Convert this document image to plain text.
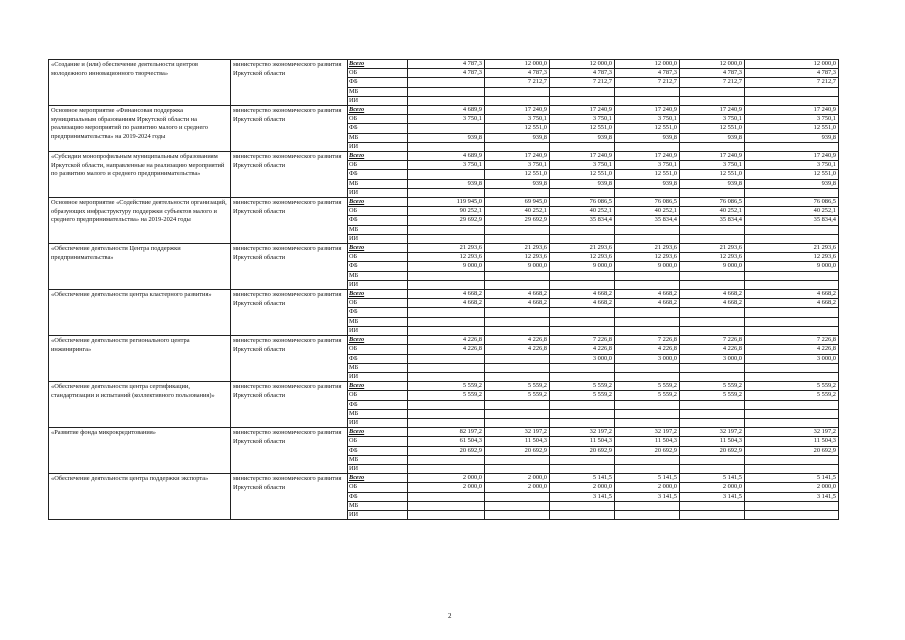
«Создание и (или) обеспечение деятельности центров молодежного инновационного творчества»	министерство экономического развития Иркутской области	Всего	4 787,3	12 000,0	12 000,0	12 000,0	12 000,0	12 000,0
		ОБ	4 787,3	4 787,3	4 787,3	4 787,3	4 787,3	4 787,3
		ФБ		7 212,7	7 212,7	7 212,7	7 212,7	7 212,7
		МБ						
		ИИ						
Основное мероприятие «Финансовая поддержка муниципальным образованиям Иркутской области на реализацию мероприятий по развитию малого и среднего предпринимательства» на 2019-2024 годы	министерство экономического развития Иркутской области	Всего	4 689,9	17 240,9	17 240,9	17 240,9	17 240,9	17 240,9
		ОБ	3 750,1	3 750,1	3 750,1	3 750,1	3 750,1	3 750,1
		ФБ		12 551,0	12 551,0	12 551,0	12 551,0	12 551,0
		МБ	939,8	939,8	939,8	939,8	939,8	939,8
		ИИ						
«Субсидии монопрофильным муниципальным образованиям Иркутской области, направленные на реализацию мероприятий по развитию малого и среднего предпринимательства»	министерство экономического развития Иркутской области	Всего	4 689,9	17 240,9	17 240,9	17 240,9	17 240,9	17 240,9
		ОБ	3 750,1	3 750,1	3 750,1	3 750,1	3 750,1	3 750,1
		ФБ		12 551,0	12 551,0	12 551,0	12 551,0	12 551,0
		МБ	939,8	939,8	939,8	939,8	939,8	939,8
		ИИ						
Основное мероприятие «Содействие деятельности организаций, образующих инфраструктуру поддержки субъектов малого и среднего предпринимательства» на 2019-2024 годы	министерство экономического развития Иркутской области	Всего	119 945,0	69 945,0	76 086,5	76 086,5	76 086,5	76 086,5
		ОБ	90 252,1	40 252,1	40 252,1	40 252,1	40 252,1	40 252,1
		ФБ	29 692,9	29 692,9	35 834,4	35 834,4	35 834,4	35 834,4
		МБ						
		ИИ						
«Обеспечение деятельности Центра поддержки предпринимательства»	министерство экономического развития Иркутской области	Всего	21 293,6	21 293,6	21 293,6	21 293,6	21 293,6	21 293,6
		ОБ	12 293,6	12 293,6	12 293,6	12 293,6	12 293,6	12 293,6
		ФБ	9 000,0	9 000,0	9 000,0	9 000,0	9 000,0	9 000,0
		МБ						
		ИИ						
«Обеспечение деятельности центра кластерного развития»	министерство экономического развития Иркутской области	Всего	4 668,2	4 668,2	4 668,2	4 668,2	4 668,2	4 668,2
		ОБ	4 668,2	4 668,2	4 668,2	4 668,2	4 668,2	4 668,2
		ФБ						
		МБ						
		ИИ						
«Обеспечение деятельности регионального центра инжиниринга»	министерство экономического развития Иркутской области	Всего	4 226,8	4 226,8	7 226,8	7 226,8	7 226,8	7 226,8
		ОБ	4 226,8	4 226,8	4 226,8	4 226,8	4 226,8	4 226,8
		ФБ			3 000,0	3 000,0	3 000,0	3 000,0
		МБ						
		ИИ						
«Обеспечение деятельности центра сертификации, стандартизации и испытаний (коллективного пользования)»	министерство экономического развития Иркутской области	Всего	5 559,2	5 559,2	5 559,2	5 559,2	5 559,2	5 559,2
		ОБ	5 559,2	5 559,2	5 559,2	5 559,2	5 559,2	5 559,2
		ФБ						
		МБ						
		ИИ						
«Развитие фонда микрокредитования»	министерство экономического развития Иркутской области	Всего	82 197,2	32 197,2	32 197,2	32 197,2	32 197,2	32 197,2
		ОБ	61 504,3	11 504,3	11 504,3	11 504,3	11 504,3	11 504,3
		ФБ	20 692,9	20 692,9	20 692,9	20 692,9	20 692,9	20 692,9
		МБ						
		ИИ						
«Обеспечение деятельности центра поддержки экспорта»	министерство экономического развития Иркутской области	Всего	2 000,0	2 000,0	5 141,5	5 141,5	5 141,5	5 141,5
		ОБ	2 000,0	2 000,0	2 000,0	2 000,0	2 000,0	2 000,0
		ФБ			3 141,5	3 141,5	3 141,5	3 141,5
		МБ						
		ИИ						
2
